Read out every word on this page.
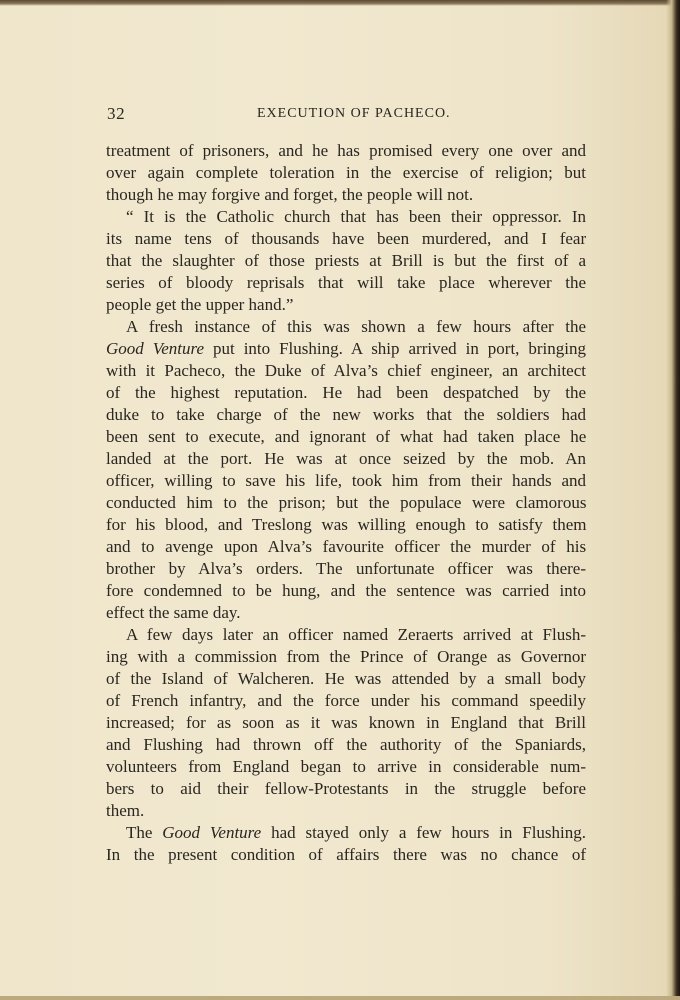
32	EXECUTION OF PACHECO.
treatment of prisoners, and he has promised every one over and
over again complete toleration in the exercise of religion; but
though he may forgive and forget, the people will not.
“ It is the Catholic church that has been their oppressor. In
its name tens of thousands have been murdered, and I fear
that the slaughter of those priests at Brill is but the first of a
series of bloody reprisals that will take place wherever the
people get the upper hand.”
A fresh instance of this was shown a few hours after the
Good Venture put into Flushing. A ship arrived in port, bringing
with it Pacheco, the Duke of Alva’s chief engineer, an architect
of the highest reputation. He had been despatched by the
duke to take charge of the new works that the soldiers had
been sent to execute, and ignorant of what had taken place he
landed at the port. He was at once seized by the mob. An
officer, willing to save his life, took him from their hands and
conducted him to the prison; but the populace were clamorous
for his blood, and Treslong was willing enough to satisfy them
and to avenge upon Alva’s favourite officer the murder of his
brother by Alva’s orders. The unfortunate officer was there-
fore condemned to be hung, and the sentence was carried into
effect the same day.
A few days later an officer named Zeraerts arrived at Flush-
ing with a commission from the Prince of Orange as Governor
of the Island of Walcheren. He was attended by a small body
of French infantry, and the force under his command speedily
increased; for as soon as it was known in England that Brill
and Flushing had thrown off the authority of the Spaniards,
volunteers from England began to arrive in considerable num-
bers to aid their fellow-Protestants in the struggle before
them.
The Good Venture had stayed only a few hours in Flushing.
In the present condition of affairs there was no chance of
